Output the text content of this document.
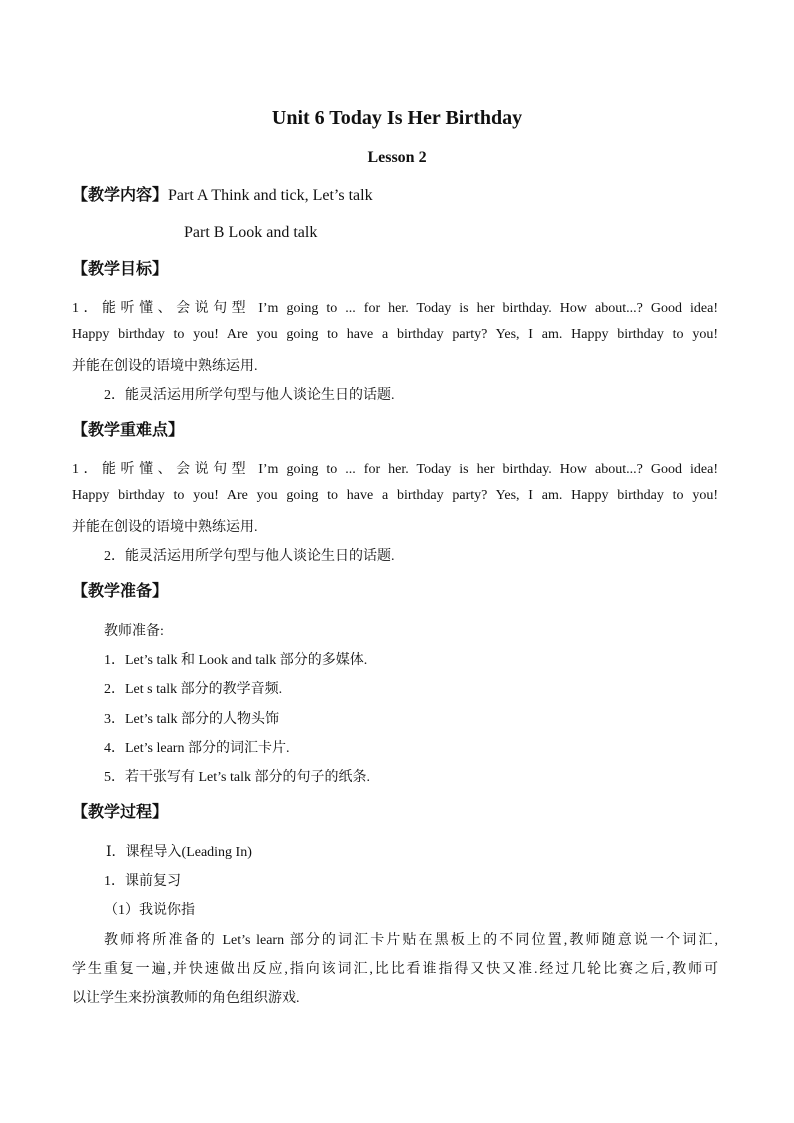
Unit 6 Today Is Her Birthday
Lesson 2
【教学内容】Part A Think and tick, Let’s talk
Part B Look and talk
【教学目标】
1．能听懂、会说句型 I’m going to ... for her. Today is her birthday. How about...? Good idea!
Happy birthday to you! Are you going to have a birthday party? Yes, I am. Happy birthday to you!
并能在创设的语境中熟练运用.
2．能灵活运用所学句型与他人谈论生日的话题.
【教学重难点】
1．能听懂、会说句型 I’m going to ... for her. Today is her birthday. How about...? Good idea!
Happy birthday to you! Are you going to have a birthday party? Yes, I am. Happy birthday to you!
并能在创设的语境中熟练运用.
2．能灵活运用所学句型与他人谈论生日的话题.
【教学准备】
教师准备:
1．Let’s talk 和 Look and talk 部分的多媒体.
2．Let s talk 部分的教学音频.
3．Let’s talk 部分的人物头饰
4．Let’s learn 部分的词汇卡片.
5．若干张写有 Let’s talk 部分的句子的纸条.
【教学过程】
Ⅰ．课程导入(Leading In)
1．课前复习
（1）我说你指
教师将所准备的 Let’s learn 部分的词汇卡片贴在黑板上的不同位置,教师随意说一个词汇,
学生重复一遍,并快速做出反应,指向该词汇,比比看谁指得又快又准.经过几轮比赛之后,教师可
以让学生来扮演教师的角色组织游戏.
